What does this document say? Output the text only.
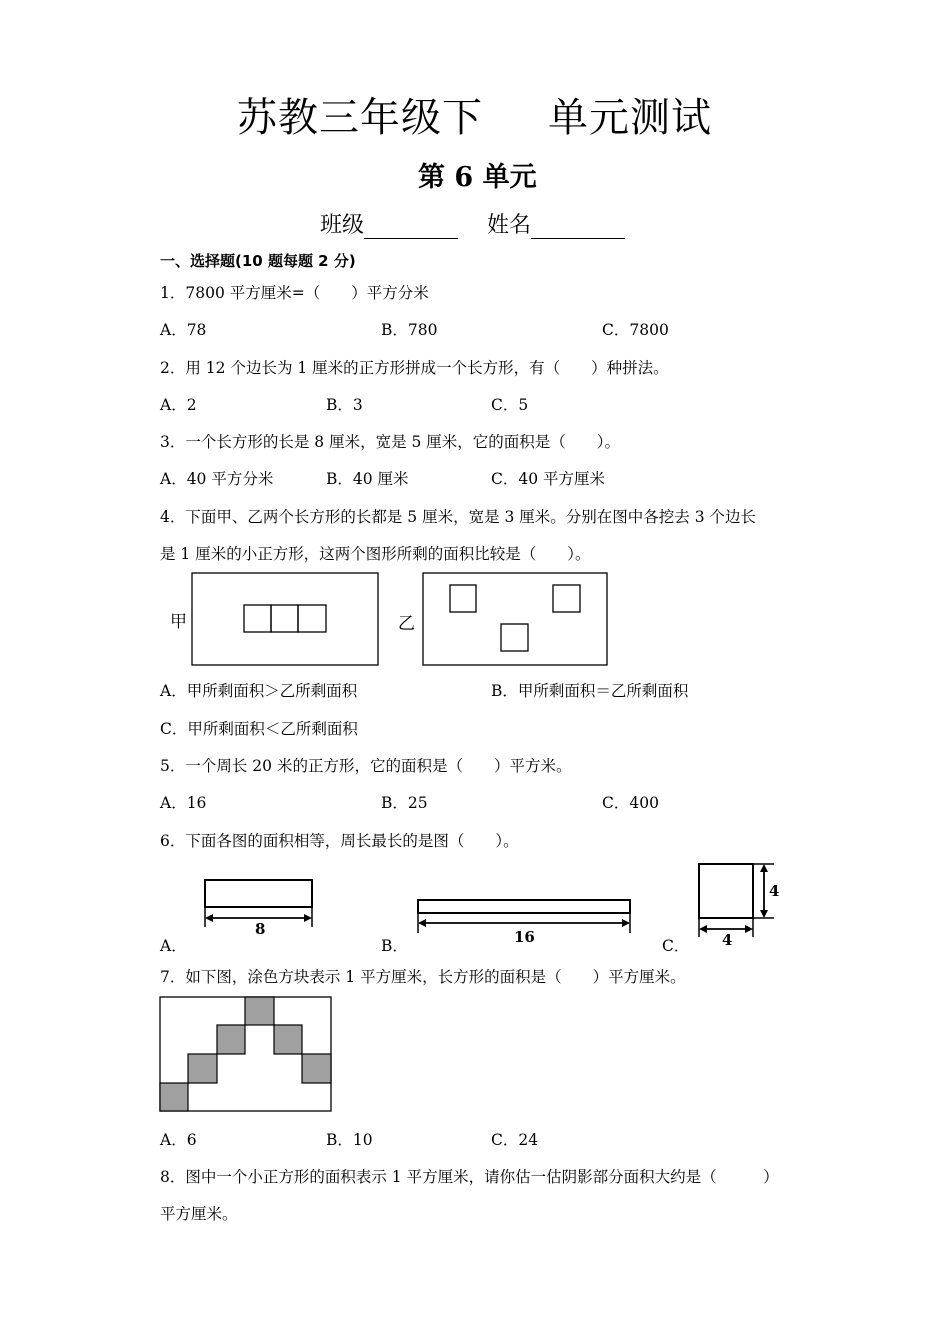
苏教三年级下 单元测试
第 6 单元
班级	姓名
一、选择题(10 题每题 2 分)
1．7800 平方厘米=（　　）平方分米
A．78	B．780	C．7800
2．用 12 个边长为 1 厘米的正方形拼成一个长方形，有（　　）种拼法。
A．2	B．3	C．5
3．一个长方形的长是 8 厘米，宽是 5 厘米，它的面积是（　　）。
A．40 平方分米	B．40 厘米	C．40 平方厘米
4．下面甲、乙两个长方形的长都是 5 厘米，宽是 3 厘米。分别在图中各挖去 3 个边长
是 1 厘米的小正方形，这两个图形所剩的面积比较是（　　）。
甲	乙
A．甲所剩面积＞乙所剩面积	B．甲所剩面积＝乙所剩面积
C．甲所剩面积＜乙所剩面积
5．一个周长 20 米的正方形，它的面积是（　　）平方米。
A．16	B．25	C．400
6．下面各图的面积相等，周长最长的是图（　　）。
A．	B．	C．
8	16	4
4
7．如下图，涂色方块表示 1 平方厘米，长方形的面积是（　　）平方厘米。
A．6	B．10	C．24
8．图中一个小正方形的面积表示 1 平方厘米，请你估一估阴影部分面积大约是（　　　）
平方厘米。
